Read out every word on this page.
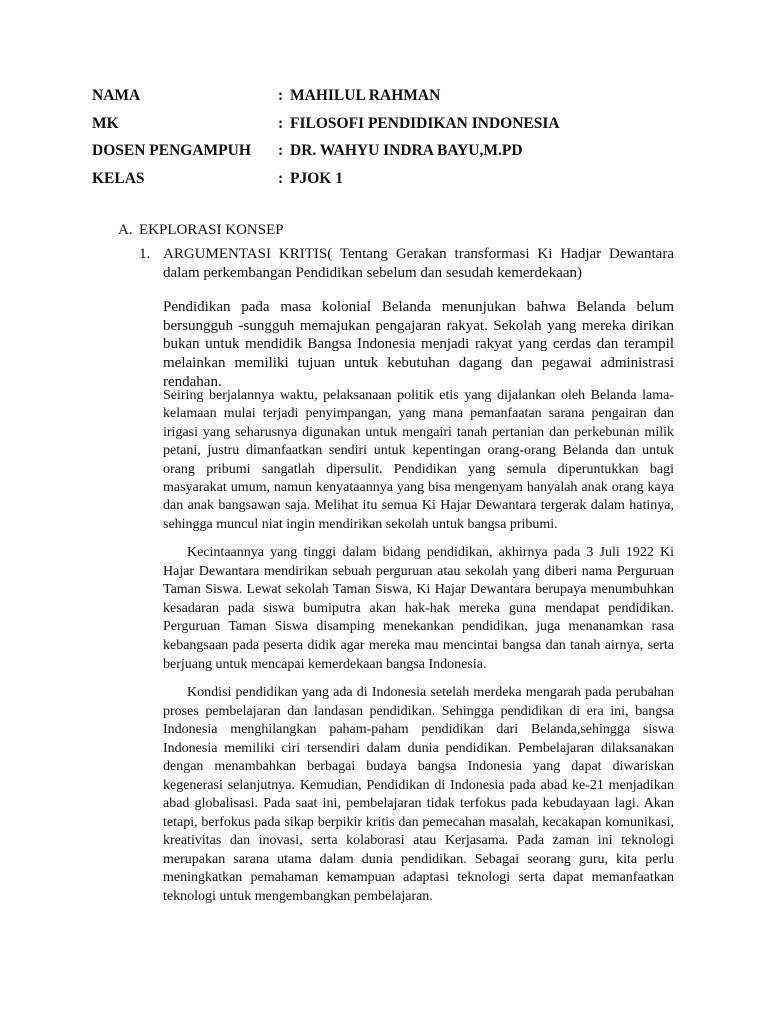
NAMA	: MAHILUL RAHMAN
MK	: FILOSOFI PENDIDIKAN INDONESIA
DOSEN PENGAMPUH : DR. WAHYU INDRA BAYU,M.PD
KELAS	: PJOK 1
A. EKPLORASI KONSEP
1. ARGUMENTASI KRITIS( Tentang Gerakan transformasi Ki Hadjar Dewantara dalam perkembangan Pendidikan sebelum dan sesudah kemerdekaan)

Pendidikan pada masa kolonial Belanda menunjukan bahwa Belanda belum bersungguh -sungguh memajukan pengajaran rakyat. Sekolah yang mereka dirikan bukan untuk mendidik Bangsa Indonesia menjadi rakyat yang cerdas dan terampil melainkan memiliki tujuan untuk kebutuhan dagang dan pegawai administrasi rendahan.

Seiring berjalannya waktu, pelaksanaan politik etis yang dijalankan oleh Belanda lama-kelamaan mulai terjadi penyimpangan, yang mana pemanfaatan sarana pengairan dan irigasi yang seharusnya digunakan untuk mengairi tanah pertanian dan perkebunan milik petani, justru dimanfaatkan sendiri untuk kepentingan orang-orang Belanda dan untuk orang pribumi sangatlah dipersulit. Pendidikan yang semula diperuntukkan bagi masyarakat umum, namun kenyataannya yang bisa mengenyam hanyalah anak orang kaya dan anak bangsawan saja. Melihat itu semua Ki Hajar Dewantara tergerak dalam hatinya, sehingga muncul niat ingin mendirikan sekolah untuk bangsa pribumi.

Kecintaannya yang tinggi dalam bidang pendidikan, akhirnya pada 3 Juli 1922 Ki Hajar Dewantara mendirikan sebuah perguruan atau sekolah yang diberi nama Perguruan Taman Siswa. Lewat sekolah Taman Siswa, Ki Hajar Dewantara berupaya menumbuhkan kesadaran pada siswa bumiputra akan hak-hak mereka guna mendapat pendidikan. Perguruan Taman Siswa disamping menekankan pendidikan, juga menanamkan rasa kebangsaan pada peserta didik agar mereka mau mencintai bangsa dan tanah airnya, serta berjuang untuk mencapai kemerdekaan bangsa Indonesia.

Kondisi pendidikan yang ada di Indonesia setelah merdeka mengarah pada perubahan proses pembelajaran dan landasan pendidikan. Sehingga pendidikan di era ini, bangsa Indonesia menghilangkan paham-paham pendidikan dari Belanda,sehingga siswa Indonesia memiliki ciri tersendiri dalam dunia pendidikan. Pembelajaran dilaksanakan dengan menambahkan berbagai budaya bangsa Indonesia yang dapat diwariskan kegenerasi selanjutnya. Kemudian, Pendidikan di Indonesia pada abad ke-21 menjadikan abad globalisasi. Pada saat ini, pembelajaran tidak terfokus pada kebudayaan lagi. Akan tetapi, berfokus pada sikap berpikir kritis dan pemecahan masalah, kecakapan komunikasi, kreativitas dan inovasi, serta kolaborasi atau Kerjasama. Pada zaman ini teknologi merupakan sarana utama dalam dunia pendidikan. Sebagai seorang guru, kita perlu meningkatkan pemahaman kemampuan adaptasi teknologi serta dapat memanfaatkan teknologi untuk mengembangkan pembelajaran.
